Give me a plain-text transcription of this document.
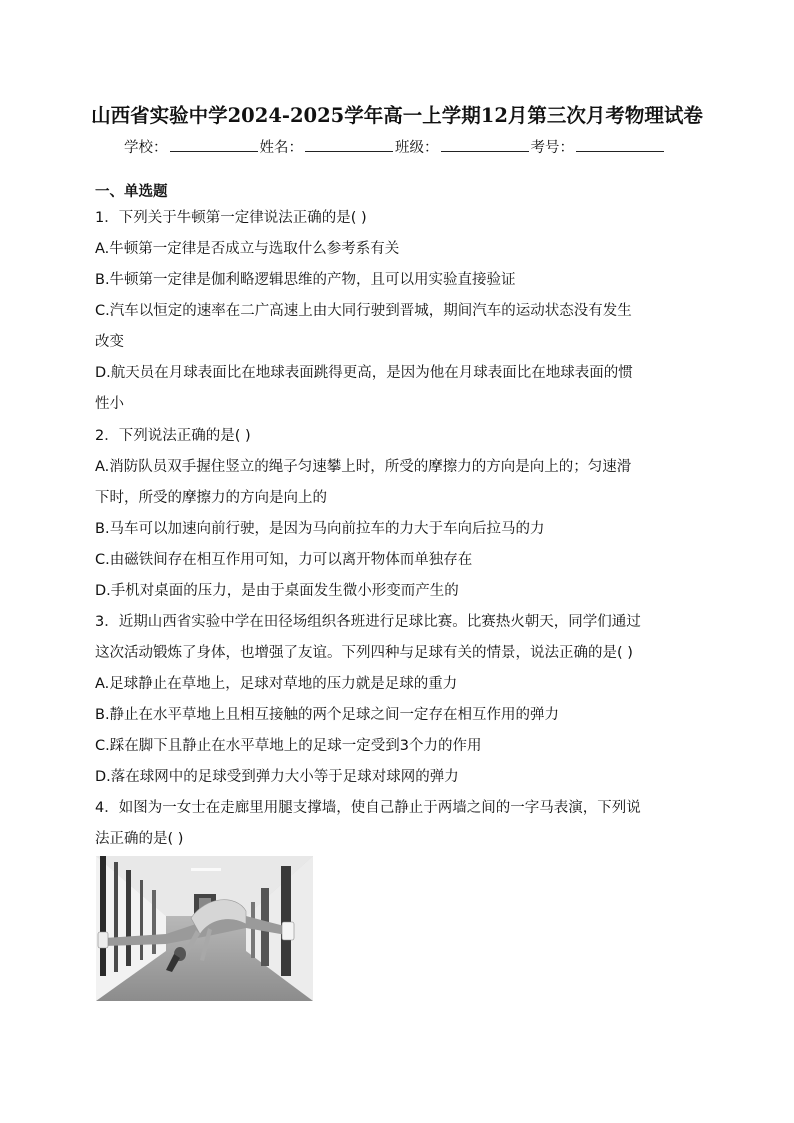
山西省实验中学2024-2025学年高一上学期12月第三次月考物理试卷
学校：	姓名：	班级：	考号：
一、单选题
1．下列关于牛顿第一定律说法正确的是( )
A.牛顿第一定律是否成立与选取什么参考系有关
B.牛顿第一定律是伽利略逻辑思维的产物，且可以用实验直接验证
C.汽车以恒定的速率在二广高速上由大同行驶到晋城，期间汽车的运动状态没有发生
改变
D.航天员在月球表面比在地球表面跳得更高，是因为他在月球表面比在地球表面的惯
性小
2．下列说法正确的是( )
A.消防队员双手握住竖立的绳子匀速攀上时，所受的摩擦力的方向是向上的；匀速滑
下时，所受的摩擦力的方向是向上的
B.马车可以加速向前行驶，是因为马向前拉车的力大于车向后拉马的力
C.由磁铁间存在相互作用可知，力可以离开物体而单独存在
D.手机对桌面的压力，是由于桌面发生微小形变而产生的
3．近期山西省实验中学在田径场组织各班进行足球比赛。比赛热火朝天，同学们通过
这次活动锻炼了身体，也增强了友谊。下列四种与足球有关的情景，说法正确的是( )
A.足球静止在草地上，足球对草地的压力就是足球的重力
B.静止在水平草地上且相互接触的两个足球之间一定存在相互作用的弹力
C.踩在脚下且静止在水平草地上的足球一定受到3个力的作用
D.落在球网中的足球受到弹力大小等于足球对球网的弹力
4．如图为一女士在走廊里用腿支撑墙，使自己静止于两墙之间的一字马表演，下列说
法正确的是( )
